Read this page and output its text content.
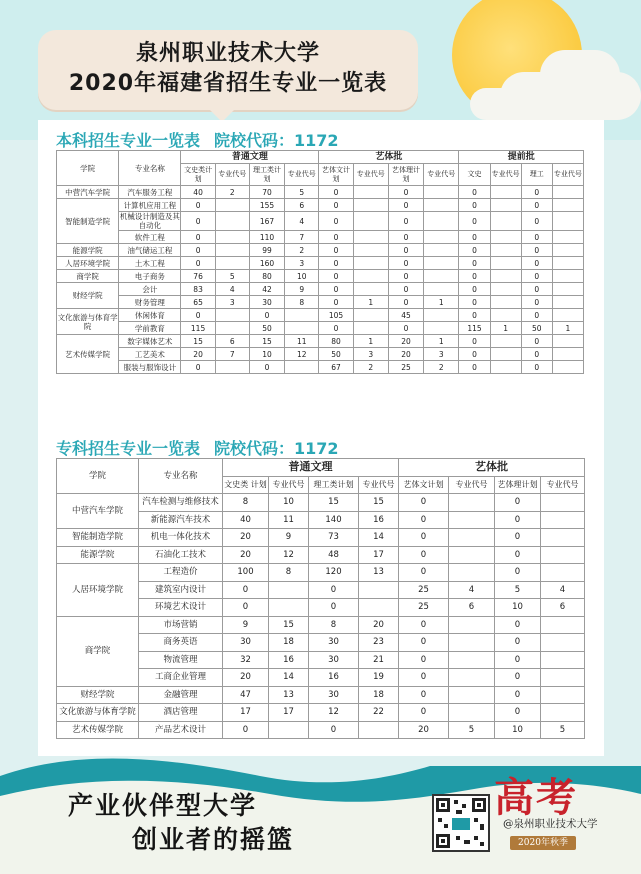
泉州职业技术大学
2020年福建省招生专业一览表
本科招生专业一览表 院校代码：1172
学院	专业名称	普通文理				艺体批				提前批			
		文史类计划	专业代号	理工类计划	专业代号	艺体文计划	专业代号	艺体理计划	专业代号	文史	专业代号	理工	专业代号
中营汽车学院	汽车服务工程	40	2	70	5	0		0		0		0	
智能制造学院	计算机应用工程	0		155	6	0		0		0		0	
	机械设计制造及其自动化	0		167	4	0		0		0		0	
	软件工程	0		110	7	0		0		0		0	
能源学院	油气储运工程	0		99	2	0		0		0		0	
人居环境学院	土木工程	0		160	3	0		0		0		0	
商学院	电子商务	76	5	80	10	0		0		0		0	
财经学院	会计	83	4	42	9	0		0		0		0	
	财务管理	65	3	30	8	0	1	0	1	0		0	
文化旅游与体育学院	休闲体育	0		0		105		45		0		0	
	学前教育	115		50		0		0		115	1	50	1
艺术传媒学院	数字媒体艺术	15	6	15	11	80	1	20	1	0		0	
	工艺美术	20	7	10	12	50	3	20	3	0		0	
	服装与服饰设计	0		0		67	2	25	2	0		0	
专科招生专业一览表 院校代码：1172
学院	专业名称	普通文理				艺体批			
		文史类 计划	专业代号	理工类计划	专业代号	艺体文计划	专业代号	艺体理计划	专业代号
中营汽车学院	汽车检测与维修技术	8	10	15	15	0		0	
	新能源汽车技术	40	11	140	16	0		0	
智能制造学院	机电一体化技术	20	9	73	14	0		0	
能源学院	石油化工技术	20	12	48	17	0		0	
人居环境学院	工程造价	100	8	120	13	0		0	
	建筑室内设计	0		0		25	4	5	4
	环境艺术设计	0		0		25	6	10	6
商学院	市场营销	9	15	8	20	0		0	
	商务英语	30	18	30	23	0		0	
	物流管理	32	16	30	21	0		0	
	工商企业管理	20	14	16	19	0		0	
财经学院	金融管理	47	13	30	18	0		0	
文化旅游与体育学院	酒店管理	17	17	12	22	0		0	
艺术传媒学院	产品艺术设计	0		0		20	5	10	5
产业伙伴型大学
创业者的摇篮
高考
@泉州职业技术大学
2020年秋季
